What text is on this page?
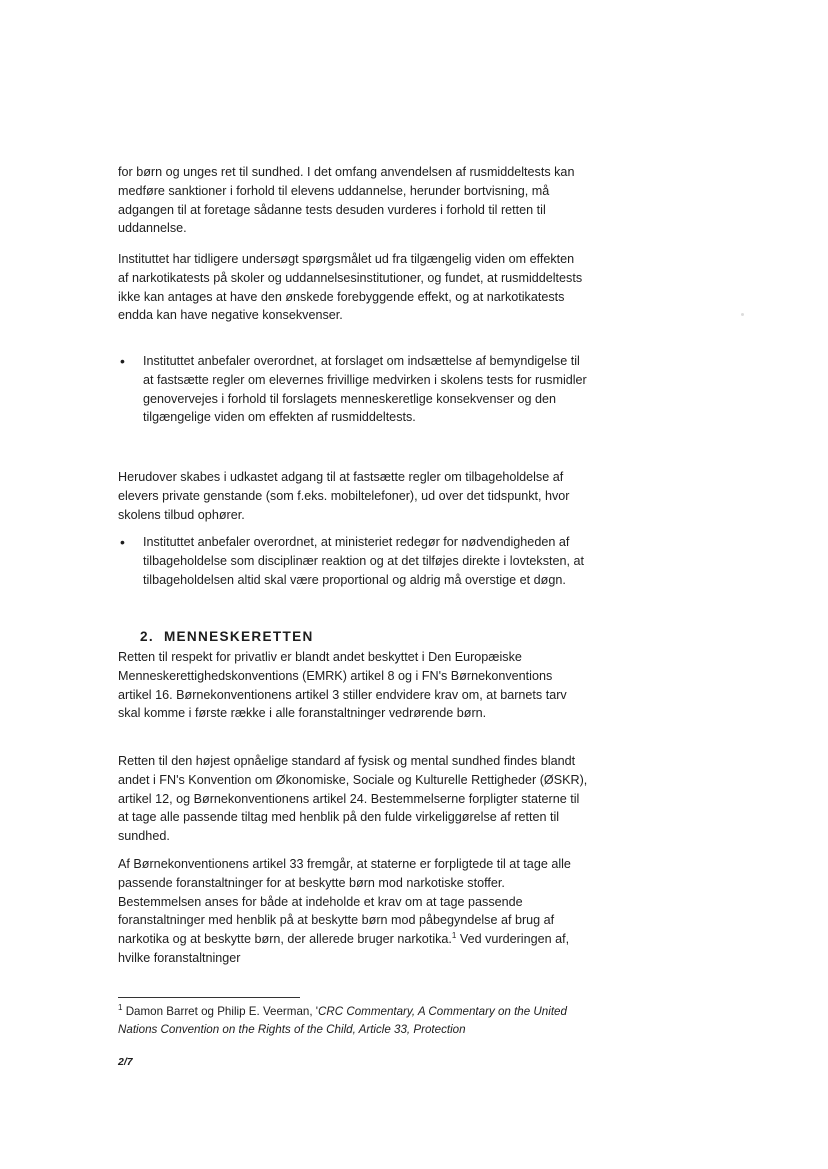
for børn og unges ret til sundhed. I det omfang anvendelsen af rusmiddeltests kan medføre sanktioner i forhold til elevens uddannelse, herunder bortvisning, må adgangen til at foretage sådanne tests desuden vurderes i forhold til retten til uddannelse.

Instituttet har tidligere undersøgt spørgsmålet ud fra tilgængelig viden om effekten af narkotikatests på skoler og uddannelsesinstitutioner, og fundet, at rusmiddeltests ikke kan antages at have den ønskede forebyggende effekt, og at narkotikatests endda kan have negative konsekvenser.

• Instituttet anbefaler overordnet, at forslaget om indsættelse af bemyndigelse til at fastsætte regler om elevernes frivillige medvirken i skolens tests for rusmidler genovervejes i forhold til forslagets menneskeretlige konsekvenser og den tilgængelige viden om effekten af rusmiddeltests.

Herudover skabes i udkastet adgang til at fastsætte regler om tilbageholdelse af elevers private genstande (som f.eks. mobiltelefoner), ud over det tidspunkt, hvor skolens tilbud ophører.

• Instituttet anbefaler overordnet, at ministeriet redegør for nødvendigheden af tilbageholdelse som disciplinær reaktion og at det tilføjes direkte i lovteksten, at tilbageholdelsen altid skal være proportional og aldrig må overstige et døgn.
2. MENNESKERETTEN

Retten til respekt for privatliv er blandt andet beskyttet i Den Europæiske Menneskerettighedskonventions (EMRK) artikel 8 og i FN's Børnekonventions artikel 16. Børnekonventionens artikel 3 stiller endvidere krav om, at barnets tarv skal komme i første række i alle foranstaltninger vedrørende børn.

Retten til den højest opnåelige standard af fysisk og mental sundhed findes blandt andet i FN's Konvention om Økonomiske, Sociale og Kulturelle Rettigheder (ØSKR), artikel 12, og Børnekonventionens artikel 24. Bestemmelserne forpligter staterne til at tage alle passende tiltag med henblik på den fulde virkeliggørelse af retten til sundhed.

Af Børnekonventionens artikel 33 fremgår, at staterne er forpligtede til at tage alle passende foranstaltninger for at beskytte børn mod narkotiske stoffer. Bestemmelsen anses for både at indeholde et krav om at tage passende foranstaltninger med henblik på at beskytte børn mod påbegyndelse af brug af narkotika og at beskytte børn, der allerede bruger narkotika.$^1$ Ved vurderingen af, hvilke foranstaltninger

$^1$ Damon Barret og Philip E. Veerman, 'CRC Commentary, A Commentary on the United Nations Convention on the Rights of the Child, Article 33, Protection
2/7
